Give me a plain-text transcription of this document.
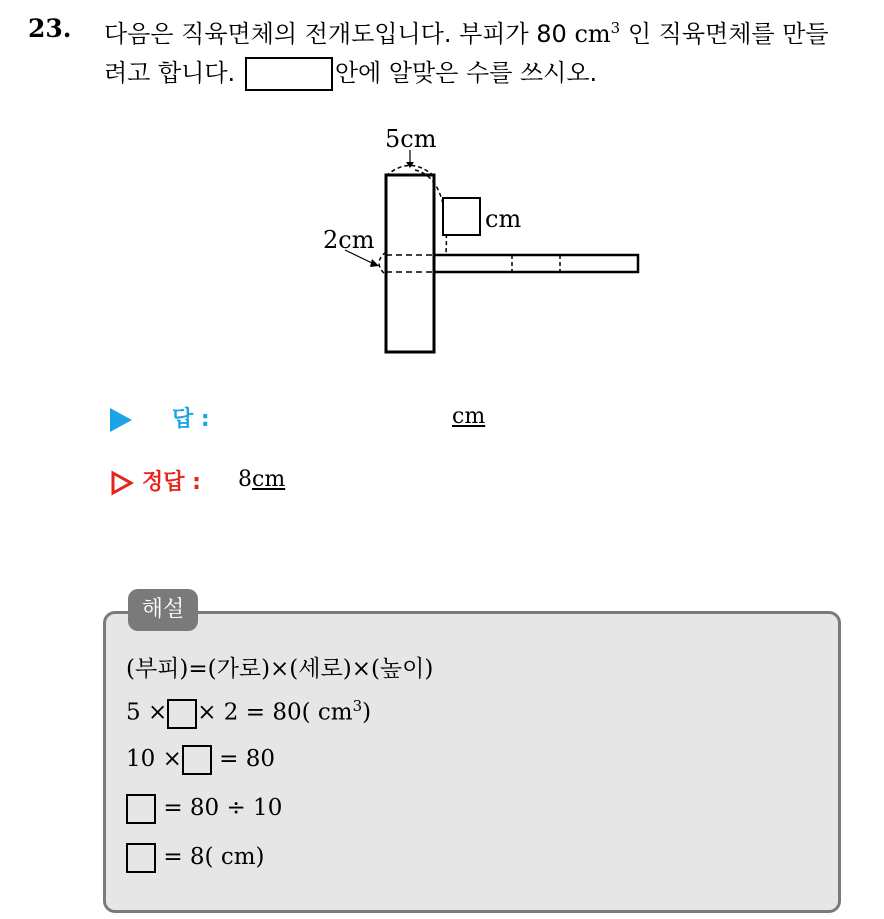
23. 다음은 직육면체의 전개도입니다. 부피가 80 $cm^3$ 인 직육면체를 만들
려고 합니다.	안에 알맞은 수를 쓰시오.
5cm
cm
2cm
답 :	cm
정답 : 8cm
해설
(부피)=(가로)×(세로)×(높이)
5 × × 2 = 80( $cm^3$)
10 × = 80
= 80 ÷ 10
= 8( cm)
